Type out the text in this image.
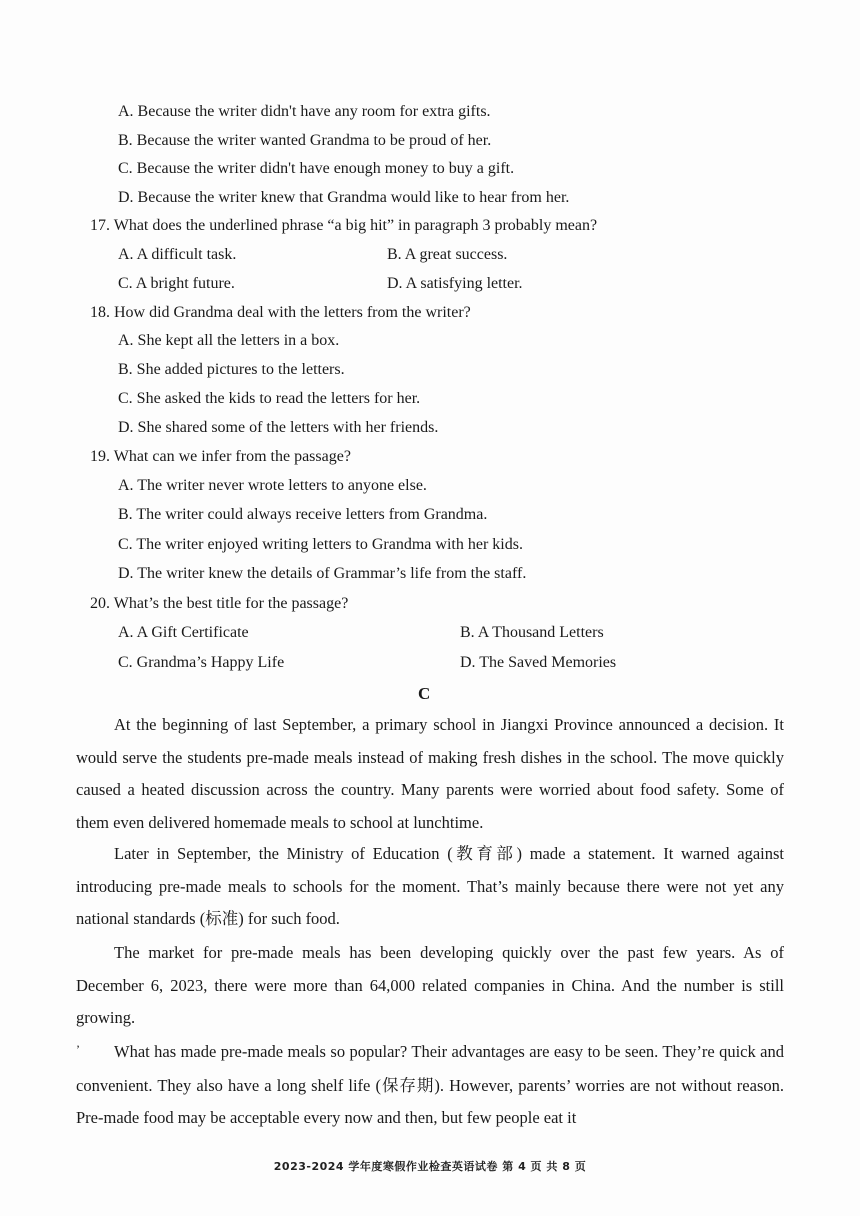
A. Because the writer didn't have any room for extra gifts.
B. Because the writer wanted Grandma to be proud of her.
C. Because the writer didn't have enough money to buy a gift.
D. Because the writer knew that Grandma would like to hear from her.
17. What does the underlined phrase “a big hit” in paragraph 3 probably mean?
A. A difficult task.	B. A great success.
C. A bright future.	D. A satisfying letter.
18. How did Grandma deal with the letters from the writer?
A. She kept all the letters in a box.
B. She added pictures to the letters.
C. She asked the kids to read the letters for her.
D. She shared some of the letters with her friends.
19. What can we infer from the passage?
A. The writer never wrote letters to anyone else.
B. The writer could always receive letters from Grandma.
C. The writer enjoyed writing letters to Grandma with her kids.
D. The writer knew the details of Grammar’s life from the staff.
20. What’s the best title for the passage?
A. A Gift Certificate	B. A Thousand Letters
C. Grandma’s Happy Life	D. The Saved Memories
C
At the beginning of last September, a primary school in Jiangxi Province announced a decision. It would serve the students pre-made meals instead of making fresh dishes in the school. The move quickly caused a heated discussion across the country. Many parents were worried about food safety. Some of them even delivered homemade meals to school at lunchtime.
Later in September, the Ministry of Education (教育部) made a statement. It warned against introducing pre-made meals to schools for the moment. That’s mainly because there were not yet any national standards (标准) for such food.
The market for pre-made meals has been developing quickly over the past few years. As of December 6, 2023, there were more than 64,000 related companies in China. And the number is still growing.
’ What has made pre-made meals so popular? Their advantages are easy to be seen. They’re quick and convenient. They also have a long shelf life (保存期). However, parents’ worries are not without reason. Pre-made food may be acceptable every now and then, but few people eat it
2023-2024 学年度寒假作业检查英语试卷 第 4 页 共 8 页
